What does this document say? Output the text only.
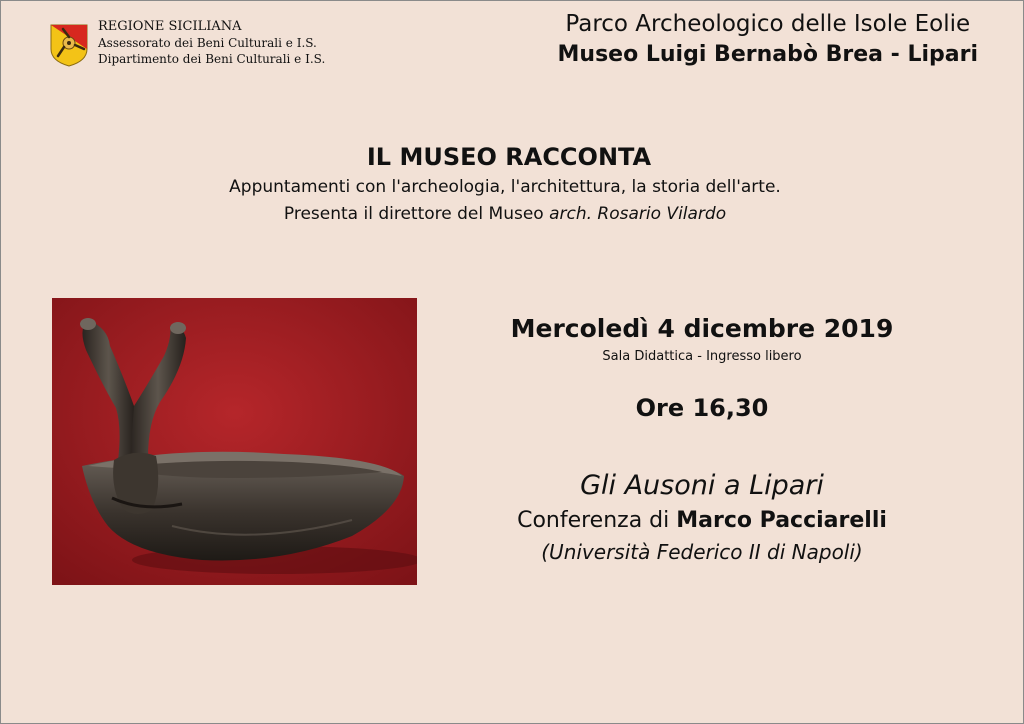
REGIONE SICILIANA
Assessorato dei Beni Culturali e I.S.
Dipartimento dei Beni Culturali e I.S.
Parco Archeologico delle Isole Eolie
Museo Luigi Bernabò Brea - Lipari
IL MUSEO RACCONTA
Appuntamenti con l'archeologia, l'architettura, la storia dell'arte.
Presenta il direttore del Museo arch. Rosario Vilardo
Mercoledì 4 dicembre 2019
Sala Didattica - Ingresso libero
Ore 16,30
Gli Ausoni a Lipari
Conferenza di Marco Pacciarelli
(Università Federico II di Napoli)
